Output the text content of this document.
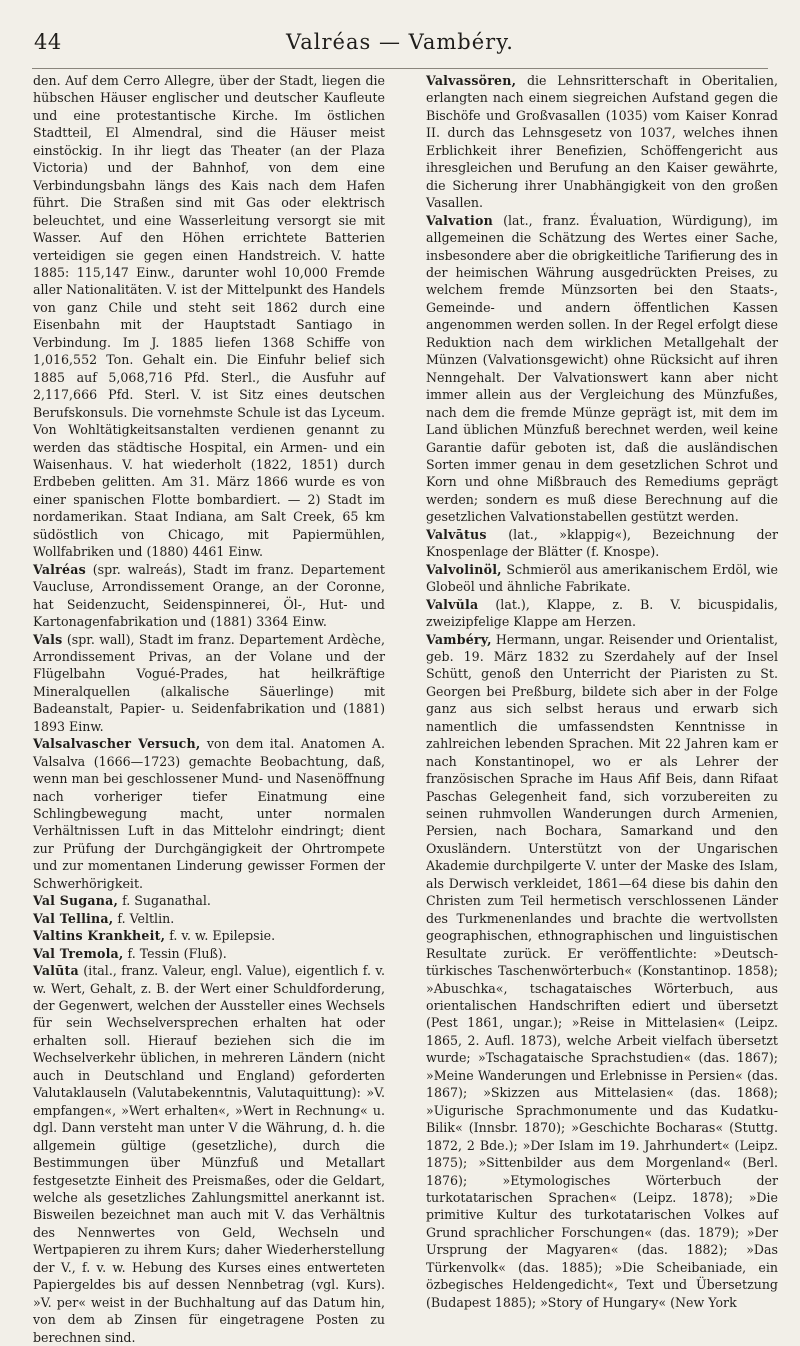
44	Valréas — Vambéry.

den. Auf dem Cerro Allegre, über der Stadt, liegen die hübschen Häuser englischer und deutscher Kaufleute und eine protestantische Kirche. Im östlichen Stadtteil, El Almendral, sind die Häuser meist einstöckig. In ihr liegt das Theater (an der Plaza Victoria) und der Bahnhof, von dem eine Verbindungsbahn längs des Kais nach dem Hafen führt. Die Straßen sind mit Gas oder elektrisch beleuchtet, und eine Wasserleitung versorgt sie mit Wasser. Auf den Höhen errichtete Batterien verteidigen sie gegen einen Handstreich. V. hatte 1885: 115,147 Einw., darunter wohl 10,000 Fremde aller Nationalitäten. V. ist der Mittelpunkt des Handels von ganz Chile und steht seit 1862 durch eine Eisenbahn mit der Hauptstadt Santiago in Verbindung. Im J. 1885 liefen 1368 Schiffe von 1,016,552 Ton. Gehalt ein. Die Einfuhr belief sich 1885 auf 5,068,716 Pfd. Sterl., die Ausfuhr auf 2,117,666 Pfd. Sterl. V. ist Sitz eines deutschen Berufskonsuls. Die vornehmste Schule ist das Lyceum. Von Wohltätigkeitsanstalten verdienen genannt zu werden das städtische Hospital, ein Armen- und ein Waisenhaus. V. hat wiederholt (1822, 1851) durch Erdbeben gelitten. Am 31. März 1866 wurde es von einer spanischen Flotte bombardiert. — 2) Stadt im nordamerikan. Staat Indiana, am Salt Creek, 65 km südöstlich von Chicago, mit Papiermühlen, Wollfabriken und (1880) 4461 Einw.

Valréas (spr. walreás), Stadt im franz. Departement Vaucluse, Arrondissement Orange, an der Coronne, hat Seidenzucht, Seidenspinnerei, Öl-, Hut- und Kartonagenfabrikation und (1881) 3364 Einw.

Vals (spr. wall), Stadt im franz. Departement Ardèche, Arrondissement Privas, an der Volane und der Flügelbahn Vogué-Prades, hat heilkräftige Mineralquellen (alkalische Säuerlinge) mit Badeanstalt, Papier- u. Seidenfabrikation und (1881) 1893 Einw.

Valsalvascher Versuch, von dem ital. Anatomen A. Valsalva (1666—1723) gemachte Beobachtung, daß, wenn man bei geschlossener Mund- und Nasenöffnung nach vorheriger tiefer Einatmung eine Schlingbewegung macht, unter normalen Verhältnissen Luft in das Mittelohr eindringt; dient zur Prüfung der Durchgängigkeit der Ohrtrompete und zur momentanen Linderung gewisser Formen der Schwerhörigkeit.

Val Sugana, f. Suganathal.

Val Tellina, f. Veltlin.

Valtins Krankheit, f. v. w. Epilepsie.

Val Tremola, f. Tessin (Fluß).

Valūta (ital., franz. Valeur, engl. Value), eigentlich f. v. w. Wert, Gehalt, z. B. der Wert einer Schuldforderung, der Gegenwert, welchen der Aussteller eines Wechsels für sein Wechselversprechen erhalten hat oder erhalten soll. Hierauf beziehen sich die im Wechselverkehr üblichen, in mehreren Ländern (nicht auch in Deutschland und England) geforderten Valutaklauseln (Valutabekenntnis, Valutaquittung): »V. empfangen«, »Wert erhalten«, »Wert in Rechnung« u. dgl. Dann versteht man unter V die Währung, d. h. die allgemein gültige (gesetzliche), durch die Bestimmungen über Münzfuß und Metallart festgesetzte Einheit des Preismaßes, oder die Geldart, welche als gesetzliches Zahlungsmittel anerkannt ist. Bisweilen bezeichnet man auch mit V. das Verhältnis des Nennwertes von Geld, Wechseln und Wertpapieren zu ihrem Kurs; daher Wiederherstellung der V., f. v. w. Hebung des Kurses eines entwerteten Papiergeldes bis auf dessen Nennbetrag (vgl. Kurs). »V. per« weist in der Buchhaltung auf das Datum hin, von dem ab Zinsen für eingetragene Posten zu berechnen sind.

Valvassören, die Lehnsritterschaft in Oberitalien, erlangten nach einem siegreichen Aufstand gegen die Bischöfe und Großvasallen (1035) vom Kaiser Konrad II. durch das Lehnsgesetz von 1037, welches ihnen Erblichkeit ihrer Benefizien, Schöffengericht aus ihresgleichen und Berufung an den Kaiser gewährte, die Sicherung ihrer Unabhängigkeit von den großen Vasallen.

Valvation (lat., franz. Évaluation, Würdigung), im allgemeinen die Schätzung des Wertes einer Sache, insbesondere aber die obrigkeitliche Tarifierung des in der heimischen Währung ausgedrückten Preises, zu welchem fremde Münzsorten bei den Staats-, Gemeinde- und andern öffentlichen Kassen angenommen werden sollen. In der Regel erfolgt diese Reduktion nach dem wirklichen Metallgehalt der Münzen (Valvationsgewicht) ohne Rücksicht auf ihren Nenngehalt. Der Valvationswert kann aber nicht immer allein aus der Vergleichung des Münzfußes, nach dem die fremde Münze geprägt ist, mit dem im Land üblichen Münzfuß berechnet werden, weil keine Garantie dafür geboten ist, daß die ausländischen Sorten immer genau in dem gesetzlichen Schrot und Korn und ohne Mißbrauch des Remediums geprägt werden; sondern es muß diese Berechnung auf die gesetzlichen Valvationstabellen gestützt werden.

Valvātus (lat., »klappig«), Bezeichnung der Knospenlage der Blätter (f. Knospe).

Valvolinöl, Schmieröl aus amerikanischem Erdöl, wie Globeöl und ähnliche Fabrikate.

Valvŭla (lat.), Klappe, z. B. V. bicuspidalis, zweizipfelige Klappe am Herzen.

Vambéry, Hermann, ungar. Reisender und Orientalist, geb. 19. März 1832 zu Szerdahely auf der Insel Schütt, genoß den Unterricht der Piaristen zu St. Georgen bei Preßburg, bildete sich aber in der Folge ganz aus sich selbst heraus und erwarb sich namentlich die umfassendsten Kenntnisse in zahlreichen lebenden Sprachen. Mit 22 Jahren kam er nach Konstantinopel, wo er als Lehrer der französischen Sprache im Haus Afif Beis, dann Rifaat Paschas Gelegenheit fand, sich vorzubereiten zu seinen ruhmvollen Wanderungen durch Armenien, Persien, nach Bochara, Samarkand und den Oxusländern. Unterstützt von der Ungarischen Akademie durchpilgerte V. unter der Maske des Islam, als Derwisch verkleidet, 1861—64 diese bis dahin den Christen zum Teil hermetisch verschlossenen Länder des Turkmenenlandes und brachte die wertvollsten geographischen, ethnographischen und linguistischen Resultate zurück. Er veröffentlichte: »Deutsch-türkisches Taschenwörterbuch« (Konstantinop. 1858); »Abuschka«, tschagataisches Wörterbuch, aus orientalischen Handschriften ediert und übersetzt (Pest 1861, ungar.); »Reise in Mittelasien« (Leipz. 1865, 2. Aufl. 1873), welche Arbeit vielfach übersetzt wurde; »Tschagataische Sprachstudien« (das. 1867); »Meine Wanderungen und Erlebnisse in Persien« (das. 1867); »Skizzen aus Mittelasien« (das. 1868); »Uigurische Sprachmonumente und das Kudatku-Bilik« (Innsbr. 1870); »Geschichte Bocharas« (Stuttg. 1872, 2 Bde.); »Der Islam im 19. Jahrhundert« (Leipz. 1875); »Sittenbilder aus dem Morgenland« (Berl. 1876); »Etymologisches Wörterbuch der turkotatarischen Sprachen« (Leipz. 1878); »Die primitive Kultur des turkotatarischen Volkes auf Grund sprachlicher Forschungen« (das. 1879); »Der Ursprung der Magyaren« (das. 1882); »Das Türkenvolk« (das. 1885); »Die Scheibaniade, ein özbegisches Heldengedicht«, Text und Übersetzung (Budapest 1885); »Story of Hungary« (New York
